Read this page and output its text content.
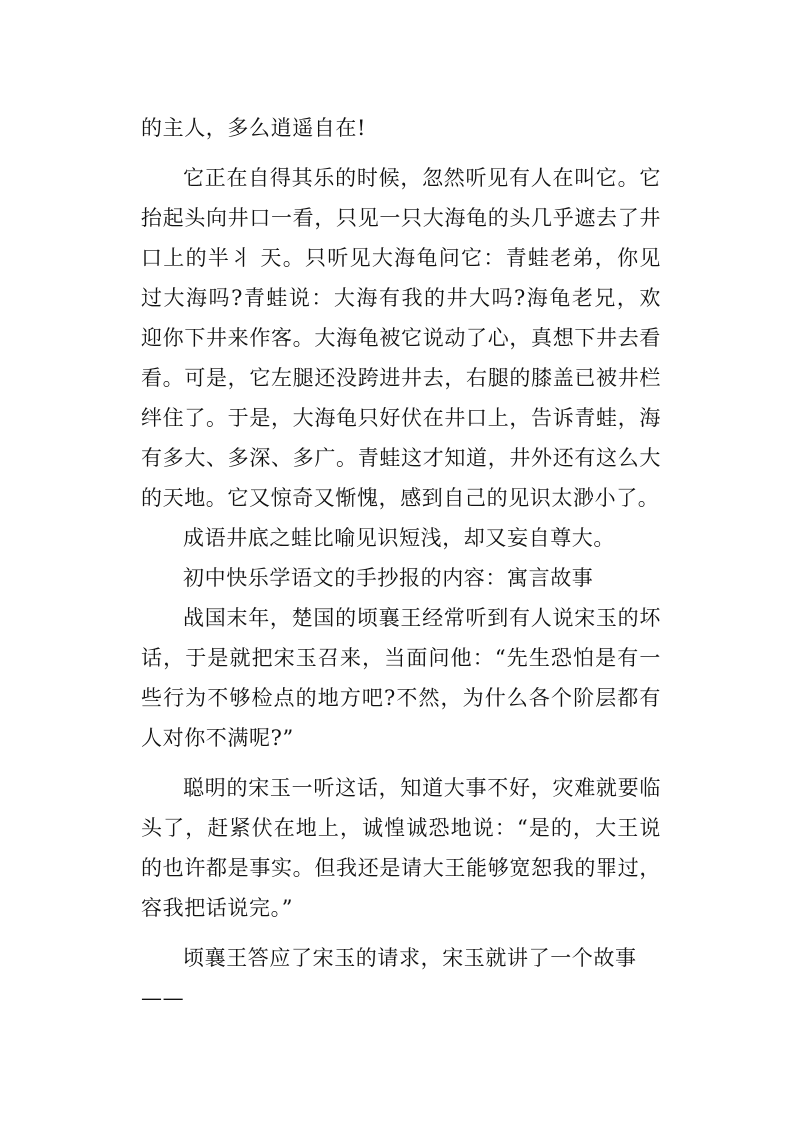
的主人，多么逍遥自在!

它正在自得其乐的时候，忽然听见有人在叫它。它抬起头向井口一看，只见一只大海龟的头几乎遮去了井口上的半丬 天。只听见大海龟问它：青蛙老弟，你见过大海吗?青蛙说：大海有我的井大吗?海龟老兄，欢迎你下井来作客。大海龟被它说动了心，真想下井去看看。可是，它左腿还没跨进井去，右腿的膝盖已被井栏绊住了。于是，大海龟只好伏在井口上，告诉青蛙，海有多大、多深、多广。青蛙这才知道，井外还有这么大的天地。它又惊奇又惭愧，感到自己的见识太渺小了。

成语井底之蛙比喻见识短浅，却又妄自尊大。

初中快乐学语文的手抄报的内容：寓言故事

战国末年，楚国的顷襄王经常听到有人说宋玉的坏话，于是就把宋玉召来，当面问他：“先生恐怕是有一些行为不够检点的地方吧?不然，为什么各个阶层都有人对你不满呢?”

聪明的宋玉一听这话，知道大事不好，灾难就要临头了，赶紧伏在地上，诚惶诚恐地说：“是的，大王说的也许都是事实。但我还是请大王能够宽恕我的罪过，容我把话说完。”

顷襄王答应了宋玉的请求，宋玉就讲了一个故事

——
